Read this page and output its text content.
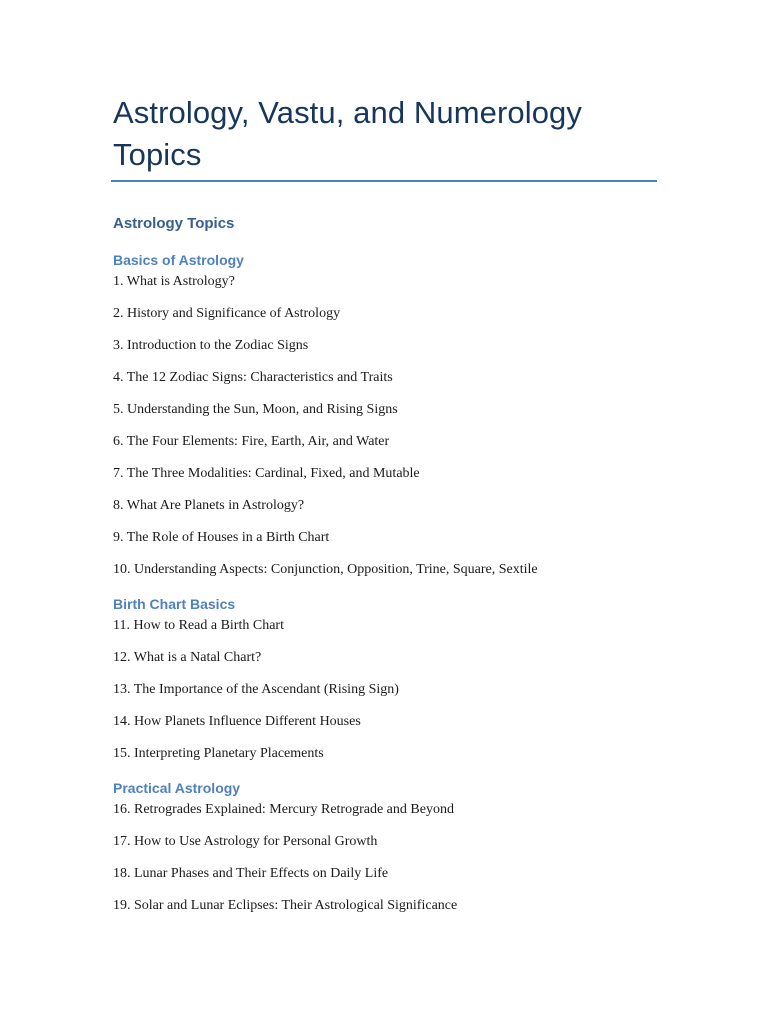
Astrology, Vastu, and Numerology Topics
Astrology Topics
Basics of Astrology
1. What is Astrology?
2. History and Significance of Astrology
3. Introduction to the Zodiac Signs
4. The 12 Zodiac Signs: Characteristics and Traits
5. Understanding the Sun, Moon, and Rising Signs
6. The Four Elements: Fire, Earth, Air, and Water
7. The Three Modalities: Cardinal, Fixed, and Mutable
8. What Are Planets in Astrology?
9. The Role of Houses in a Birth Chart
10. Understanding Aspects: Conjunction, Opposition, Trine, Square, Sextile
Birth Chart Basics
11. How to Read a Birth Chart
12. What is a Natal Chart?
13. The Importance of the Ascendant (Rising Sign)
14. How Planets Influence Different Houses
15. Interpreting Planetary Placements
Practical Astrology
16. Retrogrades Explained: Mercury Retrograde and Beyond
17. How to Use Astrology for Personal Growth
18. Lunar Phases and Their Effects on Daily Life
19. Solar and Lunar Eclipses: Their Astrological Significance
